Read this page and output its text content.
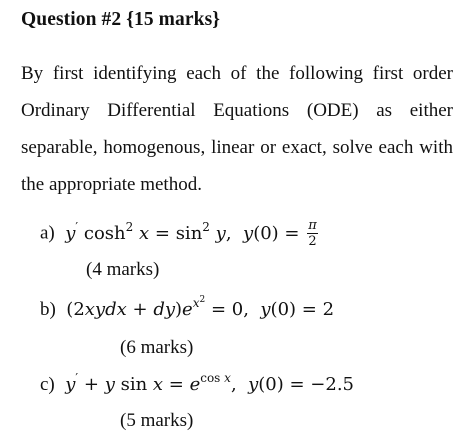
Question #2 {15 marks}
By first identifying each of the following first order Ordinary Differential Equations (ODE) as either separable, homogenous, linear or exact, solve each with the appropriate method.
a) y′ $\cosh^2 x = \sin^2 y$,  $y(0) = \frac{\pi}{2}$
(4 marks)
b)  (2xydx + $dy)e^{x^2} = 0$,  y(0) = 2
(6 marks)
c) y′ + y $\sin x = e^{cos x}$,  y(0) = −2.5
(5 marks)
